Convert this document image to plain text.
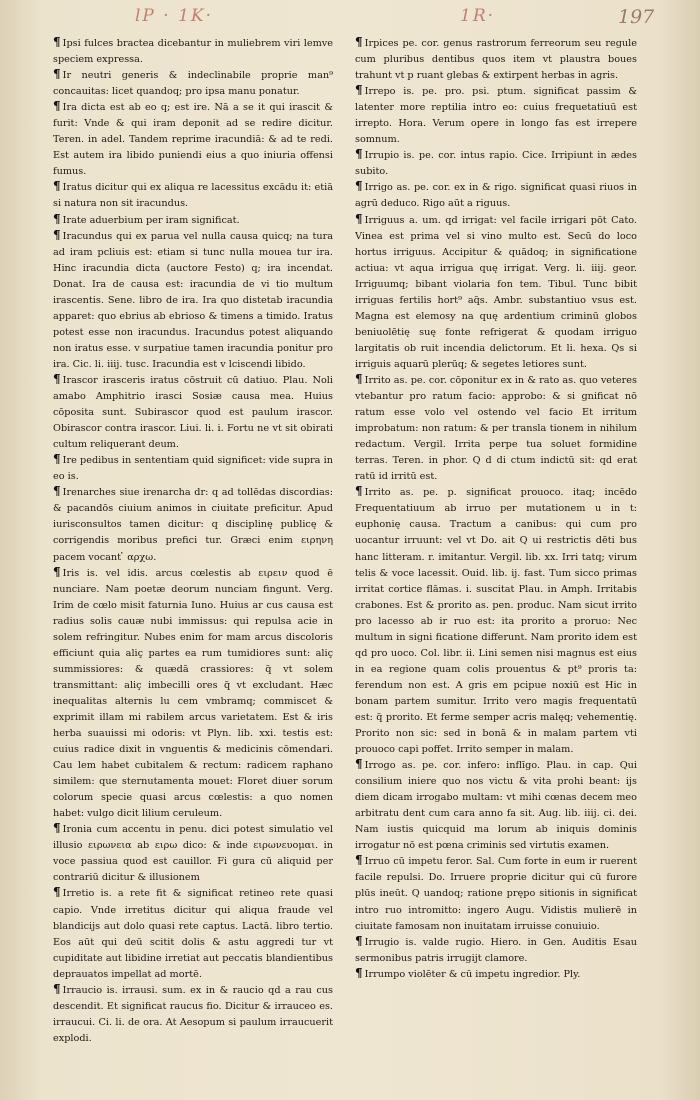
lP · 1K·	1R·	197

¶ Ipsi fulces bractea dicebantur in muliebrem viri lemve speciem expressa.

¶ Ir neutri generis & indeclinabile proprie man⁹ concauitas: licet quandoq; pro ipsa manu ponatur.

¶ Ira dicta est ab eo q; est ire. Nā a se it qui irascit & furit: Vnde & qui iram deponit ad se redire dicitur. Teren. in adel. Tandem reprime iracundiā: & ad te redi. Est autem ira libido puniendi eius a quo iniuria offensi fumus.

¶ Iratus dicitur qui ex aliqua re lacessitus excādu it: etiā si natura non sit iracundus.

¶ Irate aduerbium per iram significat.

¶ Iracundus qui ex parua vel nulla causa quicq; na tura ad iram pcliuis est: etiam si tunc nulla mouea tur ira. Hinc iracundia dicta (auctore Festo) q; ira incendat. Donat. Ira de causa est: iracundia de vi tio multum irascentis. Sene. libro de ira. Ira quo distetab iracundia apparet: quo ebrius ab ebrioso & timens a timido. Iratus potest esse non iracundus. Iracundus potest aliquando non iratus esse. v surpatiue tamen iracundia ponitur pro ira. Cic. li. iiij. tusc. Iracundia est v lciscendi libido.

¶ Irascor irasceris iratus cōstruit cū datiuo. Plau. Noli amabo Amphitrio irasci Sosiæ causa mea. Huius cōposita sunt. Subirascor quod est paulum irascor. Obirascor contra irascor. Liui. li. i. Fortu ne vt sit obirati cultum reliquerant deum.

¶ Ire pedibus in sententiam quid significet: vide supra in eo is.

¶ Irenarches siue irenarcha dr: q ad tollēdas discordias: & pacandōs ciuium animos in ciuitate preficitur. Apud iurisconsultos tamen dicitur: q disciplinę publicę & corrigendis moribus prefici tur. Græci enim ειρηνη pacem vocant ̓ αρχω.

¶ Iris is. vel idis. arcus cœlestis ab ειρειν quod ē nunciare. Nam poetæ deorum nunciam fingunt. Verg. Irim de cœlo misit faturnia Iuno. Huius ar cus causa est radius solis cauæ nubi immissus: qui repulsa acie in solem refringitur. Nubes enim for mam arcus discoloris efficiunt quia aliç partes ea rum tumidiores sunt: aliç summissiores: & quædā crassiores: q̃ vt solem transmittant: aliç imbecilli ores q̃ vt excludant. Hæc inequalitas alternis lu cem vmbramq; commiscet & exprimit illam mi rabilem arcus varietatem. Est & iris herba suauissi mi odoris: vt Plyn. lib. xxi. testis est: cuius radice dixit in vnguentis & medicinis cōmendari. Cau lem habet cubitalem & rectum: radicem raphano similem: que sternutamenta mouet: Floret diuer sorum colorum specie quasi arcus cœlestis: a quo nomen habet: vulgo dicit lilium ceruleum.

¶ Ironia cum accentu in penu. dici potest simulatio vel illusio ειρωνεια ab ειρω dico: & inde ειρωνευομαι. in voce passiua quod est cauillor. Fi gura cū aliquid per contrariū dicitur & illusionem

¶ Irretio is. a rete fit & significat retineo rete quasi capio. Vnde irretitus dicitur qui aliqua fraude vel blandicijs aut dolo quasi rete captus. Lactā. libro tertio. Eos aūt qui deū scitit dolis & astu aggredi tur vt cupiditate aut libidine irretiat aut peccatis blandientibus deprauatos impellat ad mortē.

¶ Irraucio is. irrausi. sum. ex in & raucio qd a rau cus descendit. Et significat raucus fio. Dicitur & irrauceo es. irraucui. Ci. li. de ora. At Aesopum si paulum irraucuerit explodi.

¶ Irpices pe. cor. genus rastrorum ferreorum seu regule cum pluribus dentibus quos item vt plaustra boues trahunt vt p ruant glebas & extirpent herbas in agris.

¶ Irrepo is. pe. pro. psi. ptum. significat passim & latenter more reptilia intro eo: cuius frequetatiuū est irrepto. Hora. Verum opere in longo fas est irrepere somnum.

¶ Irrupio is. pe. cor. intus rapio. Cice. Irripiunt in ædes subito.

¶ Irrigo as. pe. cor. ex in & rigo. significat quasi riuos in agrū deduco. Rigo aūt a riguus.

¶ Irriguus a. um. qd irrigat: vel facile irrigari pōt Cato. Vinea est prima vel si vino multo est. Secū do loco hortus irriguus. Accipitur & quādoq; in significatione actiua: vt aqua irrigua quę irrigat. Verg. li. iiij. geor. Irriguumq; bibant violaria fon tem. Tibul. Tunc bibit irriguas fertilis hort⁹ aq̃s. Ambr. substantiuo vsus est. Magna est elemosy na quę ardentium criminū globos beniuolētię suę fonte refrigerat & quodam irriguo largitatis ob ruit incendia delictorum. Et li. hexa. Qs si irriguis aquarū plerūq; & segetes letiores sunt.

¶ Irrito as. pe. cor. cōponitur ex in & rato as. quo veteres vtebantur pro ratum facio: approbo: & si gnificat nō ratum esse volo vel ostendo vel facio Et irritum improbatum: non ratum: & per transla tionem in nihilum redactum. Vergil. Irrita perpe tua soluet formidine terras. Teren. in phor. Q d di ctum indictū sit: qd erat ratū id irritū est.

¶ Irrito as. pe. p. significat prouoco. itaq; incēdo Frequentatiuum ab irruo per mutationem u in t: euphonię causa. Tractum a canibus: qui cum pro uocantur irruunt: vel vt Do. ait Q ui restrictis dēti bus hanc litteram. r. imitantur. Vergil. lib. xx. Irri tatq; virum telis & voce lacessit. Ouid. lib. ij. fast. Tum sicco primas irritat cortice flāmas. i. suscitat Plau. in Amph. Irritabis crabones. Est & prorito as. pen. produc. Nam sicut irrito pro lacesso ab ir ruo est: ita prorito a proruo: Nec multum in signi ficatione differunt. Nam prorito idem est qd pro uoco. Col. libr. ii. Lini semen nisi magnus est eius in ea regione quam colis prouentus & pt⁹ proris ta: ferendum non est. A gris em pcipue noxiū est Hic in bonam partem sumitur. Irrito vero magis frequentatū est: q̃ prorito. Et ferme semper acris malęq; vehementię. Prorito non sic: sed in bonā & in malam partem vti prouoco capi poffet. Irrito semper in malam.

¶ Irrogo as. pe. cor. infero: inflīgo. Plau. in cap. Qui consilium iniere quo nos victu & vita prohi beant: ijs diem dicam irrogabo multam: vt mihi cœnas decem meo arbitratu dent cum cara anno fa sit. Aug. lib. iiij. ci. dei. Nam iustis quicquid ma lorum ab iniquis dominis irrogatur nō est pœna criminis sed virtutis examen.

¶ Irruo cū impetu feror. Sal. Cum forte in eum ir ruerent facile repulsi. Do. Irruere proprie dicitur qui cū furore plūs ineūt. Q uandoq; ratione prępo sitionis in significat intro ruo intromitto: ingero Augu. Vidistis mulierē in ciuitate famosam non inuitatam irruisse conuiuio.

¶ Irrugio is. valde rugio. Hiero. in Gen. Auditis Esau sermonibus patris irrugijt clamore.

¶ Irrumpo violēter & cū impetu ingredior. Ply.
